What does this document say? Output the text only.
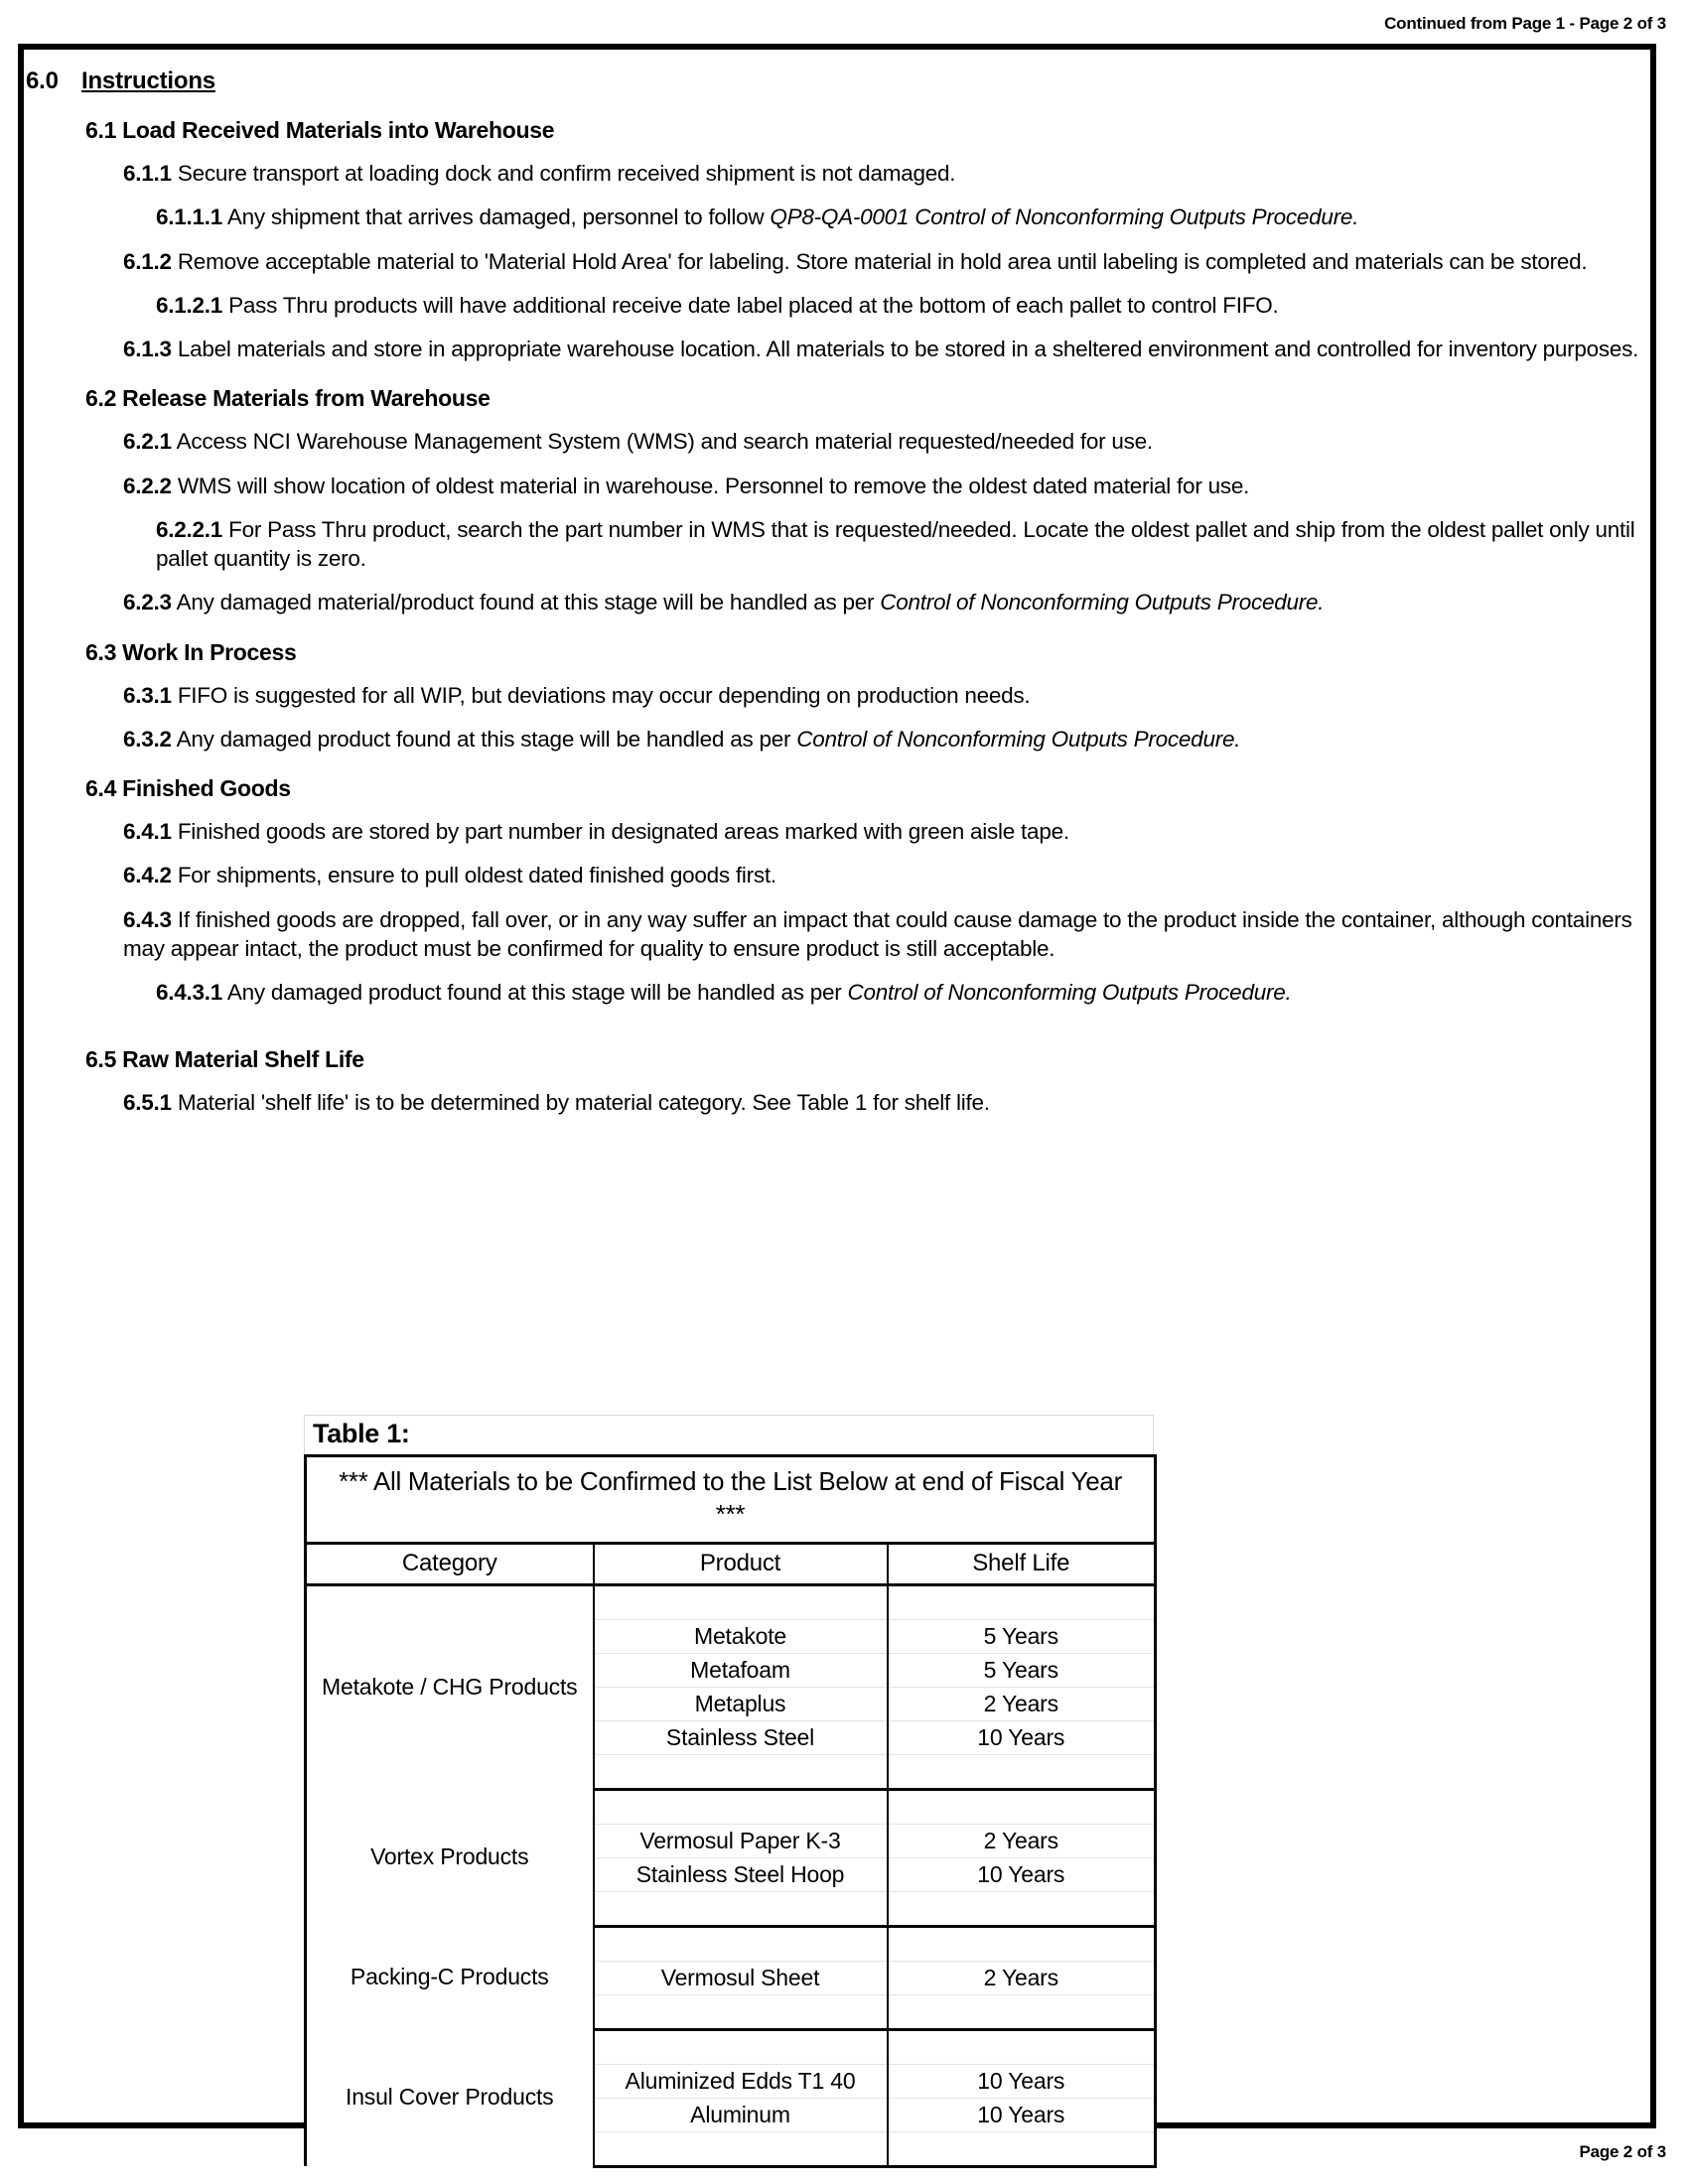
Continued from Page 1 - Page 2 of 3
6.0 Instructions
6.1 Load Received Materials into Warehouse
6.1.1 Secure transport at loading dock and confirm received shipment is not damaged.
6.1.1.1 Any shipment that arrives damaged, personnel to follow QP8-QA-0001 Control of Nonconforming Outputs Procedure.
6.1.2 Remove acceptable material to 'Material Hold Area' for labeling. Store material in hold area until labeling is completed and materials can be stored.
6.1.2.1 Pass Thru products will have additional receive date label placed at the bottom of each pallet to control FIFO.
6.1.3 Label materials and store in appropriate warehouse location. All materials to be stored in a sheltered environment and controlled for inventory purposes.
6.2 Release Materials from Warehouse
6.2.1 Access NCI Warehouse Management System (WMS) and search material requested/needed for use.
6.2.2 WMS will show location of oldest material in warehouse. Personnel to remove the oldest dated material for use.
6.2.2.1 For Pass Thru product, search the part number in WMS that is requested/needed. Locate the oldest pallet and ship from the oldest pallet only until pallet quantity is zero.
6.2.3 Any damaged material/product found at this stage will be handled as per Control of Nonconforming Outputs Procedure.
6.3 Work In Process
6.3.1 FIFO is suggested for all WIP, but deviations may occur depending on production needs.
6.3.2 Any damaged product found at this stage will be handled as per Control of Nonconforming Outputs Procedure.
6.4 Finished Goods
6.4.1 Finished goods are stored by part number in designated areas marked with green aisle tape.
6.4.2 For shipments, ensure to pull oldest dated finished goods first.
6.4.3 If finished goods are dropped, fall over, or in any way suffer an impact that could cause damage to the product inside the container, although containers may appear intact, the product must be confirmed for quality to ensure product is still acceptable.
6.4.3.1 Any damaged product found at this stage will be handled as per Control of Nonconforming Outputs Procedure.
6.5 Raw Material Shelf Life
6.5.1 Material 'shelf life' is to be determined by material category. See Table 1 for shelf life.
Table 1:
*** All Materials to be Confirmed to the List Below at end of Fiscal Year ***		
Category	Product	Shelf Life
Metakote / CHG Products		
	Metakote	5 Years
	Metafoam	5 Years
	Metaplus	2 Years
	Stainless Steel	10 Years

Vortex Products		
	Vermosul Paper K-3	2 Years
	Stainless Steel Hoop	10 Years

Packing-C Products		
	Vermosul Sheet	2 Years

Insul Cover Products		
	Aluminized Edds T1 40	10 Years
	Aluminum	10 Years

Page 2 of 3
